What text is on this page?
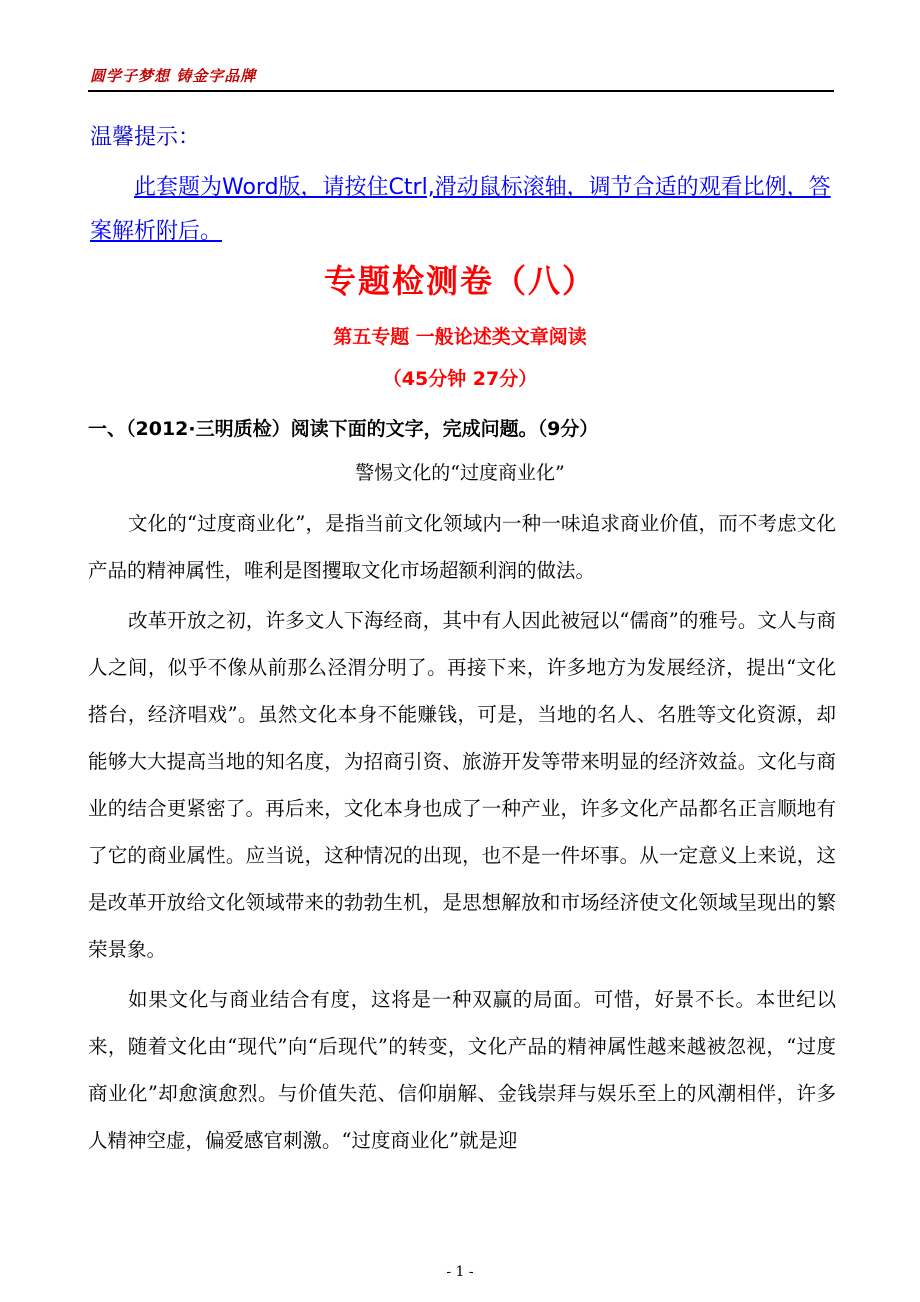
圆学子梦想 铸金字品牌
温馨提示：
此套题为Word版，请按住Ctrl,滑动鼠标滚轴，调节合适的观看比例，答案解析附后。
专题检测卷（八）
第五专题 一般论述类文章阅读
（45分钟 27分）
一、（2012·三明质检）阅读下面的文字，完成问题。（9分）
警惕文化的“过度商业化”

文化的“过度商业化”，是指当前文化领域内一种一味追求商业价值，而不考虑文化产品的精神属性，唯利是图攫取文化市场超额利润的做法。

改革开放之初，许多文人下海经商，其中有人因此被冠以“儒商”的雅号。文人与商人之间，似乎不像从前那么泾渭分明了。再接下来，许多地方为发展经济，提出“文化搭台，经济唱戏”。虽然文化本身不能赚钱，可是，当地的名人、名胜等文化资源，却能够大大提高当地的知名度，为招商引资、旅游开发等带来明显的经济效益。文化与商业的结合更紧密了。再后来，文化本身也成了一种产业，许多文化产品都名正言顺地有了它的商业属性。应当说，这种情况的出现，也不是一件坏事。从一定意义上来说，这是改革开放给文化领域带来的勃勃生机，是思想解放和市场经济使文化领域呈现出的繁荣景象。

如果文化与商业结合有度，这将是一种双赢的局面。可惜，好景不长。本世纪以来，随着文化由“现代”向“后现代”的转变，文化产品的精神属性越来越被忽视，“过度商业化”却愈演愈烈。与价值失范、信仰崩解、金钱崇拜与娱乐至上的风潮相伴，许多人精神空虚，偏爱感官刺激。“过度商业化”就是迎

- 1 -
